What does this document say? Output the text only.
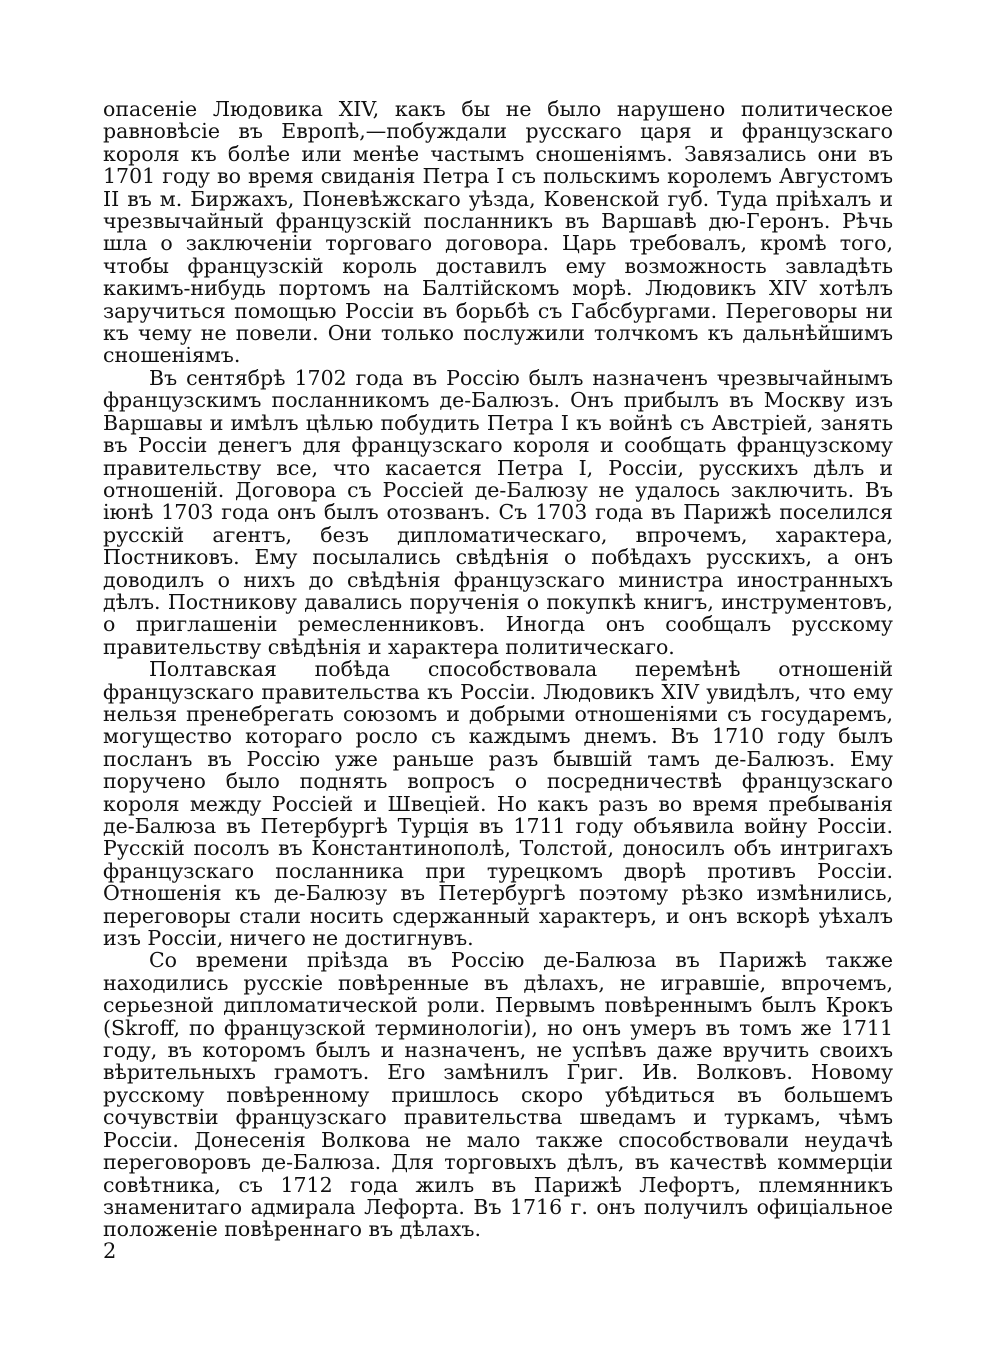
опасеніе Людовика XIV, какъ бы не было нарушено политическое равновѣсіе въ Европѣ,—побуждали русскаго царя и французскаго короля къ болѣе или менѣе частымъ сношеніямъ. Завязались они въ 1701 году во время свиданія Петра I съ польскимъ королемъ Августомъ II въ м. Биржахъ, Поневѣжскаго уѣзда, Ковенской губ. Туда пріѣхалъ и чрезвычайный французскій посланникъ въ Варшавѣ дю-Геронъ. Рѣчь шла о заключеніи торговаго договора. Царь требовалъ, кромѣ того, чтобы французскій король доставилъ ему возможность завладѣть какимъ-нибудь портомъ на Балтійскомъ морѣ. Людовикъ XIV хотѣлъ заручиться помощью Россіи въ борьбѣ съ Габсбургами. Переговоры ни къ чему не повели. Они только послужили толчкомъ къ дальнѣйшимъ сношеніямъ.

Въ сентябрѣ 1702 года въ Россію былъ назначенъ чрезвычайнымъ французскимъ посланникомъ де-Балюзъ. Онъ прибылъ въ Москву изъ Варшавы и имѣлъ цѣлью побудить Петра I къ войнѣ съ Австріей, занять въ Россіи денегъ для французскаго короля и сообщать французскому правительству все, что касается Петра I, Россіи, русскихъ дѣлъ и отношеній. Договора съ Россіей де-Балюзу не удалось заключить. Въ іюнѣ 1703 года онъ былъ отозванъ. Съ 1703 года въ Парижѣ поселился русскій агентъ, безъ дипломатическаго, впрочемъ, характера, Постниковъ. Ему посылались свѣдѣнія о побѣдахъ русскихъ, а онъ доводилъ о нихъ до свѣдѣнія французскаго министра иностранныхъ дѣлъ. Постникову давались порученія о покупкѣ книгъ, инструментовъ, о приглашеніи ремесленниковъ. Иногда онъ сообщалъ русскому правительству свѣдѣнія и характера политическаго.

Полтавская побѣда способствовала перемѣнѣ отношеній французскаго правительства къ Россіи. Людовикъ XIV увидѣлъ, что ему нельзя пренебрегать союзомъ и добрыми отношеніями съ государемъ, могущество котораго росло съ каждымъ днемъ. Въ 1710 году былъ посланъ въ Россію уже раньше разъ бывшій тамъ де-Балюзъ. Ему поручено было поднять вопросъ о посредничествѣ французскаго короля между Россіей и Швеціей. Но какъ разъ во время пребыванія де-Балюза въ Петербургѣ Турція въ 1711 году объявила войну Россіи. Русскій посолъ въ Константинополѣ, Толстой, доносилъ объ интригахъ французскаго посланника при турецкомъ дворѣ противъ Россіи. Отношенія къ де-Балюзу въ Петербургѣ поэтому рѣзко измѣнились, переговоры стали носить сдержанный характеръ, и онъ вскорѣ уѣхалъ изъ Россіи, ничего не достигнувъ.

Со времени пріѣзда въ Россію де-Балюза въ Парижѣ также находились русскіе повѣренные въ дѣлахъ, не игравшіе, впрочемъ, серьезной дипломатической роли. Первымъ повѣреннымъ былъ Крокъ (Skroff, по французской терминологіи), но онъ умеръ въ томъ же 1711 году, въ которомъ былъ и назначенъ, не успѣвъ даже вручить своихъ вѣрительныхъ грамотъ. Его замѣнилъ Григ. Ив. Волковъ. Новому русскому повѣренному пришлось скоро убѣдиться въ большемъ сочувствіи французскаго правительства шведамъ и туркамъ, чѣмъ Россіи. Донесенія Волкова не мало также способствовали неудачѣ переговоровъ де-Балюза. Для торговыхъ дѣлъ, въ качествѣ коммерціи совѣтника, съ 1712 года жилъ въ Парижѣ Лефортъ, племянникъ знаменитаго адмирала Лефорта. Въ 1716 г. онъ получилъ офиціальное положеніе повѣреннаго въ дѣлахъ.

2
